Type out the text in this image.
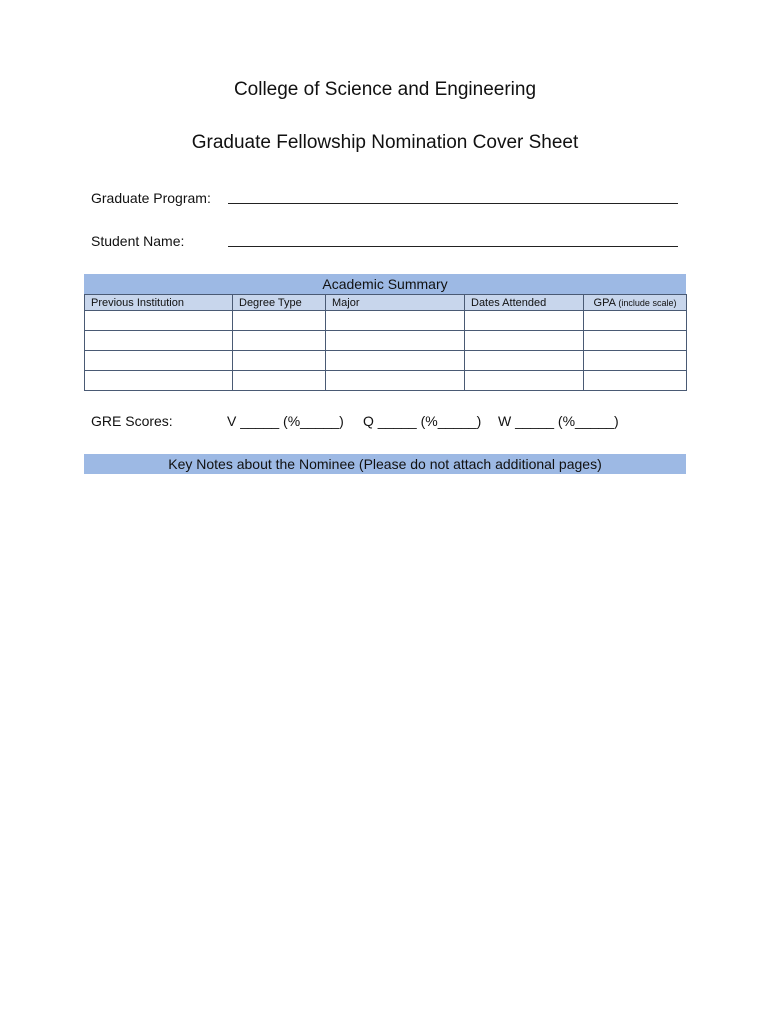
College of Science and Engineering
Graduate Fellowship Nomination Cover Sheet
Graduate Program:
Student Name:
Academic Summary
Previous Institution	Degree Type	Major	Dates Attended	GPA (include scale)

GRE Scores:	V _____ (%_____) Q _____ (%_____) W _____ (%_____)
Key Notes about the Nominee (Please do not attach additional pages)
